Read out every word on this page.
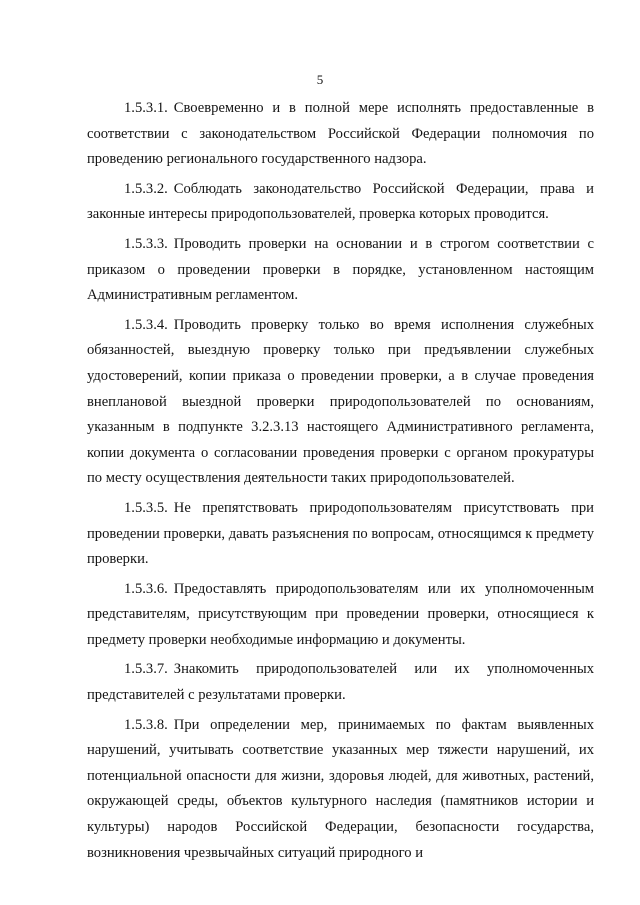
5

1.5.3.1. Своевременно и в полной мере исполнять предоставленные в соответствии с законодательством Российской Федерации полномочия по проведению регионального государственного надзора.

1.5.3.2. Соблюдать законодательство Российской Федерации, права и законные интересы природопользователей, проверка которых проводится.

1.5.3.3. Проводить проверки на основании и в строгом соответствии с приказом о проведении проверки в порядке, установленном настоящим Административным регламентом.

1.5.3.4. Проводить проверку только во время исполнения служебных обязанностей, выездную проверку только при предъявлении служебных удостоверений, копии приказа о проведении проверки, а в случае проведения внеплановой выездной проверки природопользователей по основаниям, указанным в подпункте 3.2.3.13 настоящего Административного регламента, копии документа о согласовании проведения проверки с органом прокуратуры по месту осуществления деятельности таких природопользователей.

1.5.3.5. Не препятствовать природопользователям присутствовать при проведении проверки, давать разъяснения по вопросам, относящимся к предмету проверки.

1.5.3.6. Предоставлять природопользователям или их уполномоченным представителям, присутствующим при проведении проверки, относящиеся к предмету проверки необходимые информацию и документы.

1.5.3.7. Знакомить природопользователей или их уполномоченных представителей с результатами проверки.

1.5.3.8. При определении мер, принимаемых по фактам выявленных нарушений, учитывать соответствие указанных мер тяжести нарушений, их потенциальной опасности для жизни, здоровья людей, для животных, растений, окружающей среды, объектов культурного наследия (памятников истории и культуры) народов Российской Федерации, безопасности государства, возникновения чрезвычайных ситуаций природного и
